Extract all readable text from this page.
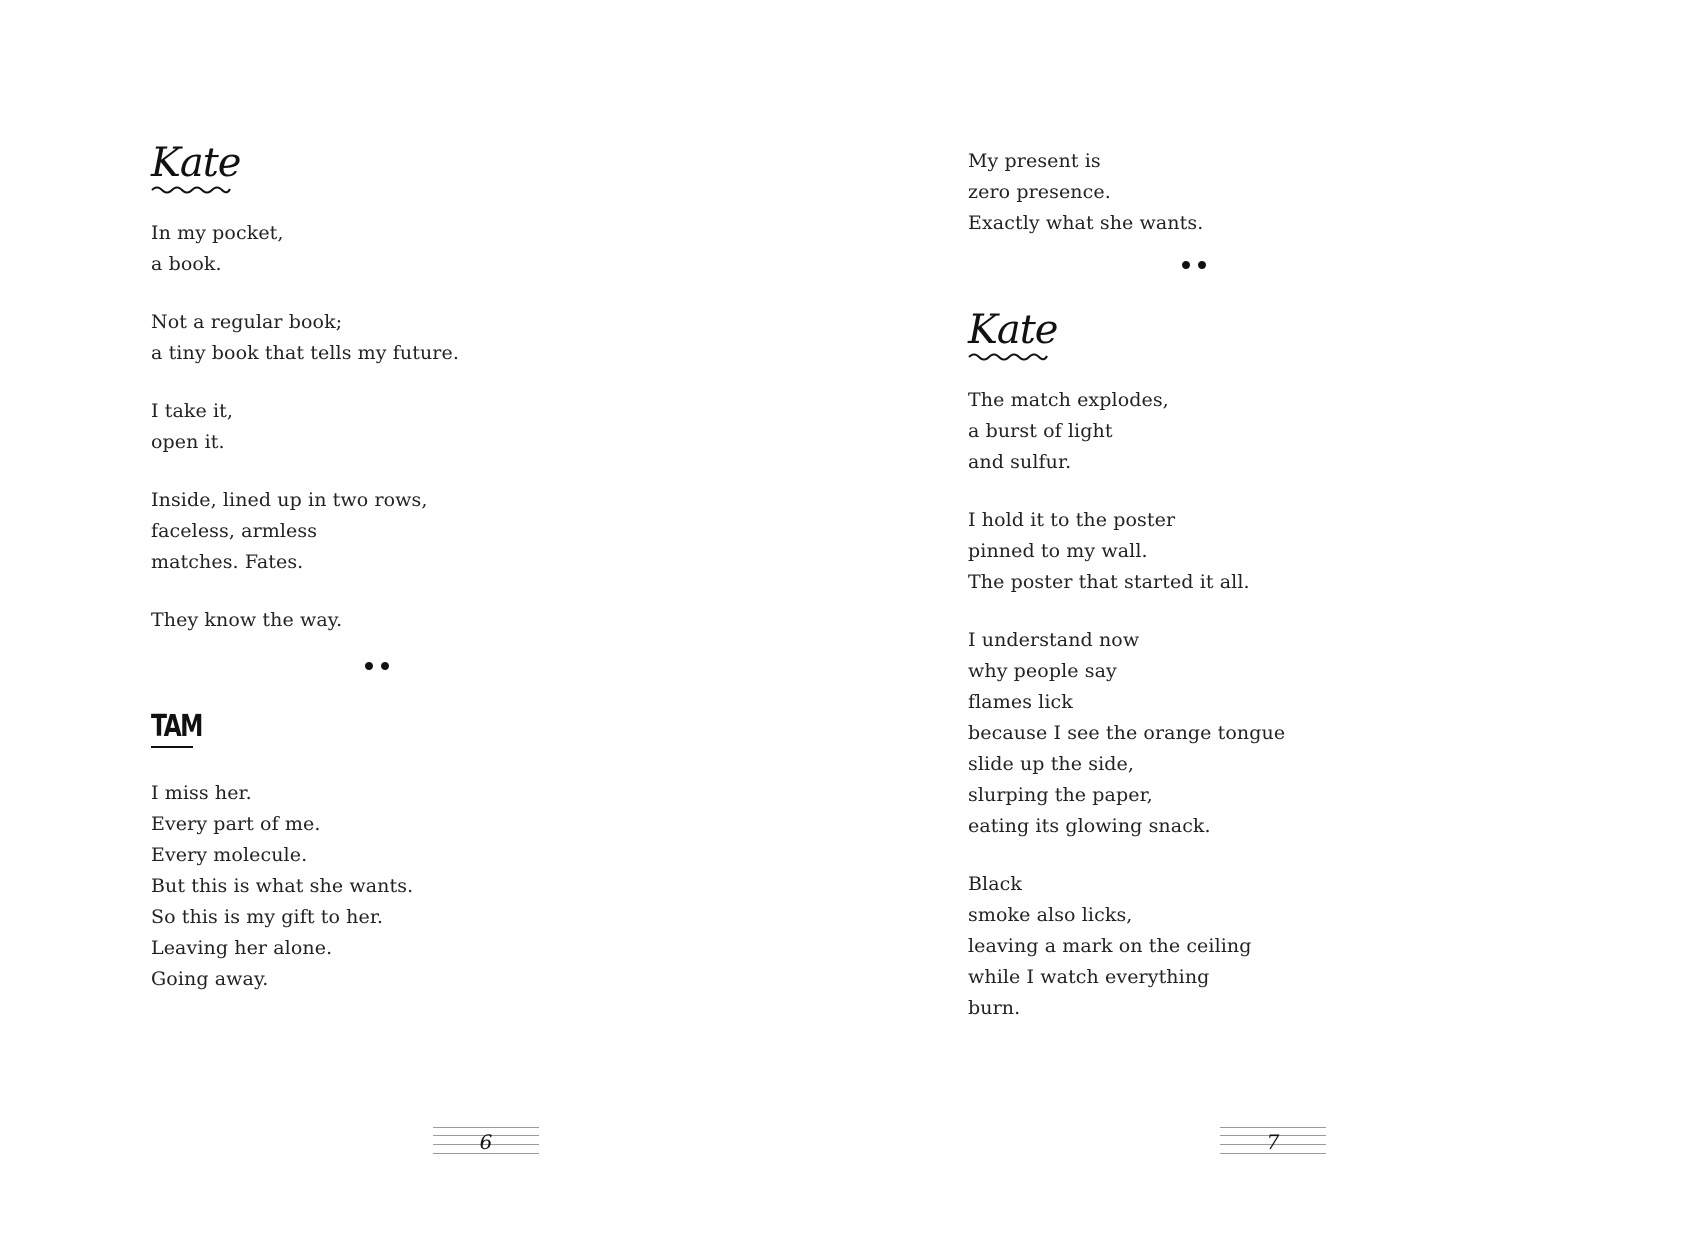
Kate
In my pocket,
a book.
Not a regular book;
a tiny book that tells my future.
I take it,
open it.
Inside, lined up in two rows,
faceless, armless
matches. Fates.
They know the way.
TAM
I miss her.
Every part of me.
Every molecule.
But this is what she wants.
So this is my gift to her.
Leaving her alone.
Going away.
6
My present is
zero presence.
Exactly what she wants.
Kate
The match explodes,
a burst of light
and sulfur.
I hold it to the poster
pinned to my wall.
The poster that started it all.
I understand now
why people say
flames lick
because I see the orange tongue
slide up the side,
slurping the paper,
eating its glowing snack.
Black
smoke also licks,
leaving a mark on the ceiling
while I watch everything
burn.
7
